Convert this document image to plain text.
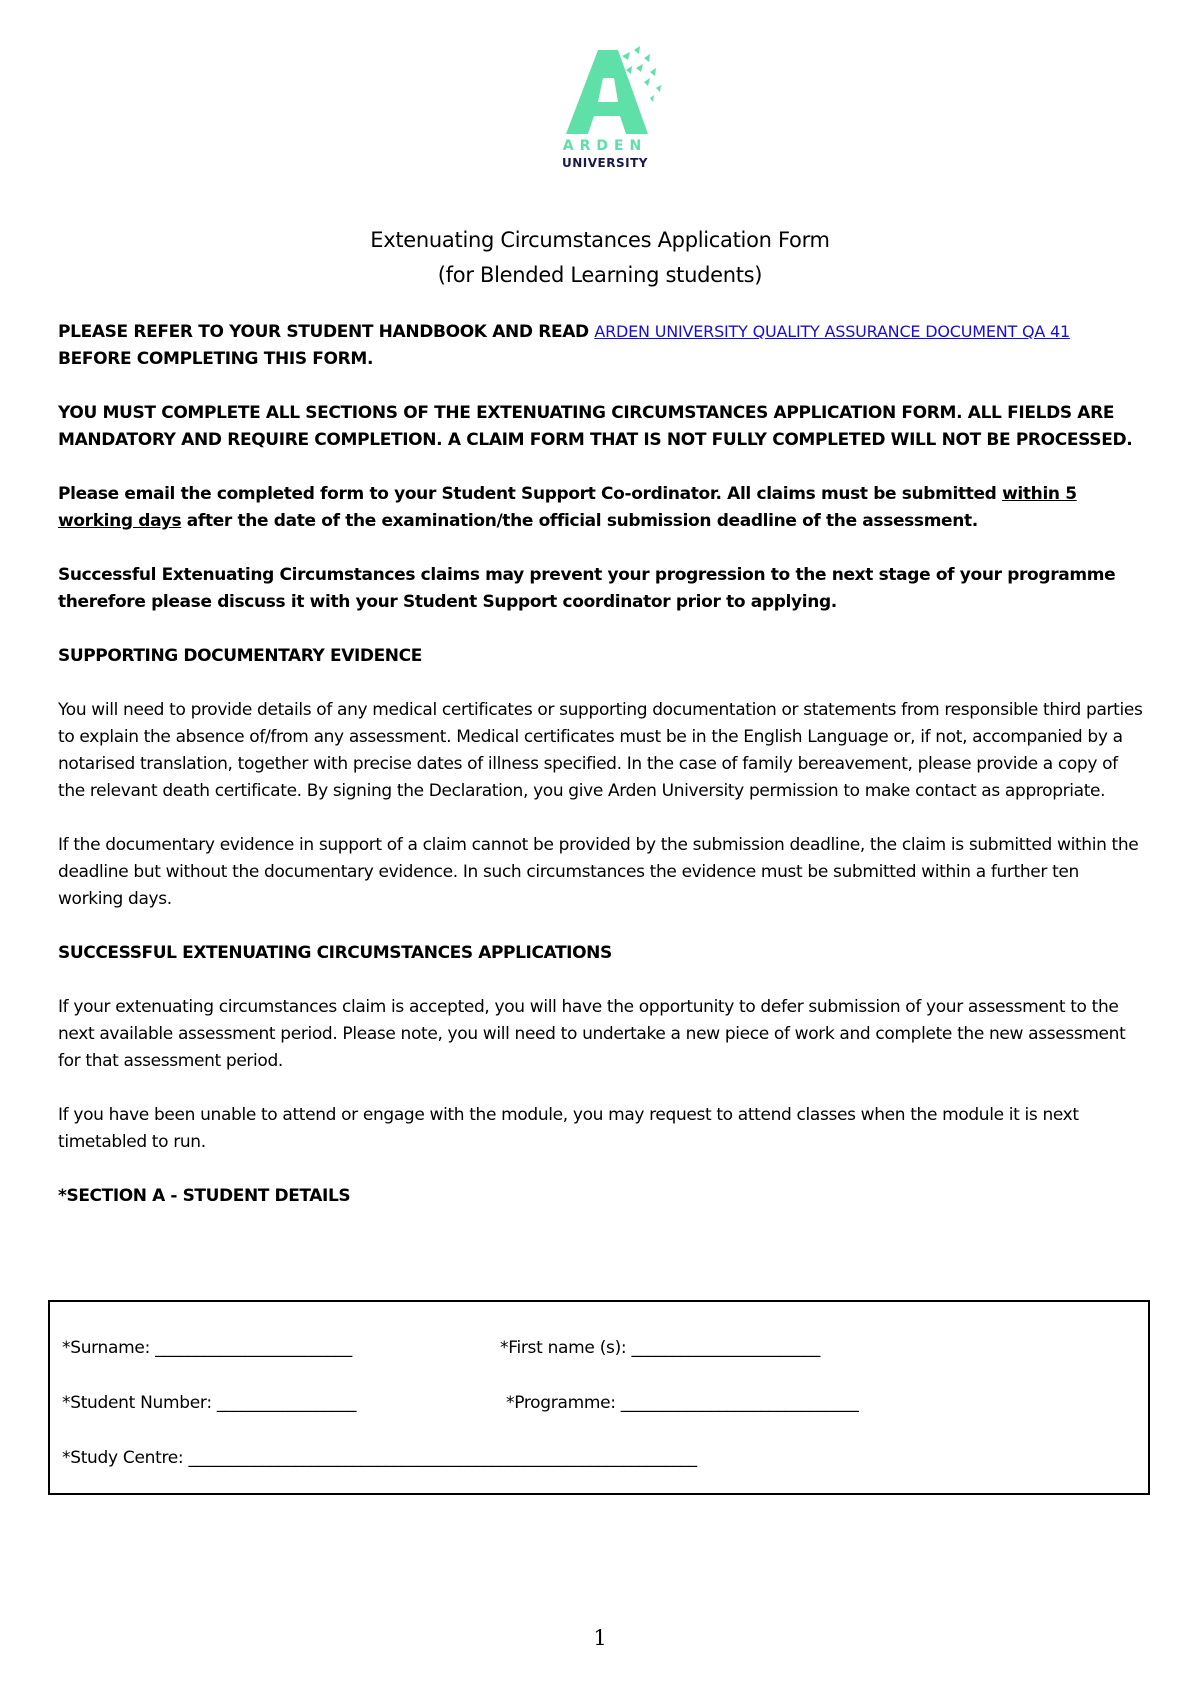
ARDEN
UNIVERSITY
Extenuating Circumstances Application Form
(for Blended Learning students)

PLEASE REFER TO YOUR STUDENT HANDBOOK AND READ ARDEN UNIVERSITY QUALITY ASSURANCE DOCUMENT QA 41
BEFORE COMPLETING THIS FORM.

YOU MUST COMPLETE ALL SECTIONS OF THE EXTENUATING CIRCUMSTANCES APPLICATION FORM. ALL FIELDS ARE MANDATORY AND REQUIRE COMPLETION. A CLAIM FORM THAT IS NOT FULLY COMPLETED WILL NOT BE PROCESSED.

Please email the completed form to your Student Support Co-ordinator. All claims must be submitted within 5 working days after the date of the examination/the official submission deadline of the assessment.

Successful Extenuating Circumstances claims may prevent your progression to the next stage of your programme therefore please discuss it with your Student Support coordinator prior to applying.

SUPPORTING DOCUMENTARY EVIDENCE

You will need to provide details of any medical certificates or supporting documentation or statements from responsible third parties to explain the absence of/from any assessment. Medical certificates must be in the English Language or, if not, accompanied by a notarised translation, together with precise dates of illness specified. In the case of family bereavement, please provide a copy of the relevant death certificate. By signing the Declaration, you give Arden University permission to make contact as appropriate.

If the documentary evidence in support of a claim cannot be provided by the submission deadline, the claim is submitted within the deadline but without the documentary evidence. In such circumstances the evidence must be submitted within a further ten working days.

SUCCESSFUL EXTENUATING CIRCUMSTANCES APPLICATIONS

If your extenuating circumstances claim is accepted, you will have the opportunity to defer submission of your assessment to the next available assessment period. Please note, you will need to undertake a new piece of work and complete the new assessment for that assessment period.

If you have been unable to attend or engage with the module, you may request to attend classes when the module it is next timetabled to run.

*SECTION A - STUDENT DETAILS
*Surname: ________________________	*First name (s): _______________________
*Student Number: _________________	*Programme: _____________________________
*Study Centre: ______________________________________________________________
1
